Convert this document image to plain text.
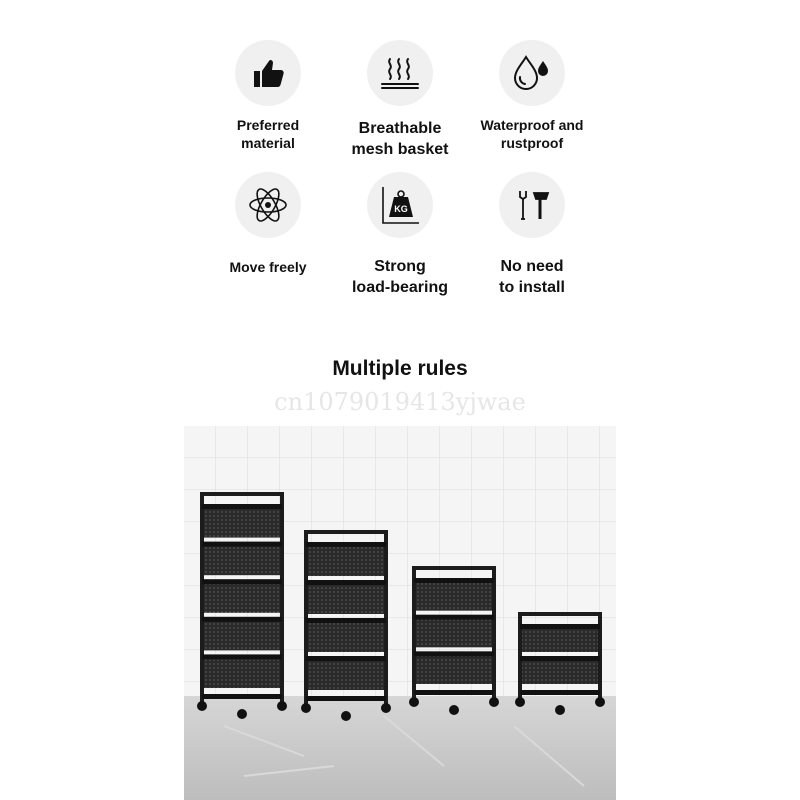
Preferred
material
Breathable
mesh basket
Waterproof and
rustproof
Move freely
KG
Strong
load-bearing
No need
to install
Multiple rules
cn1079019413yjwae
